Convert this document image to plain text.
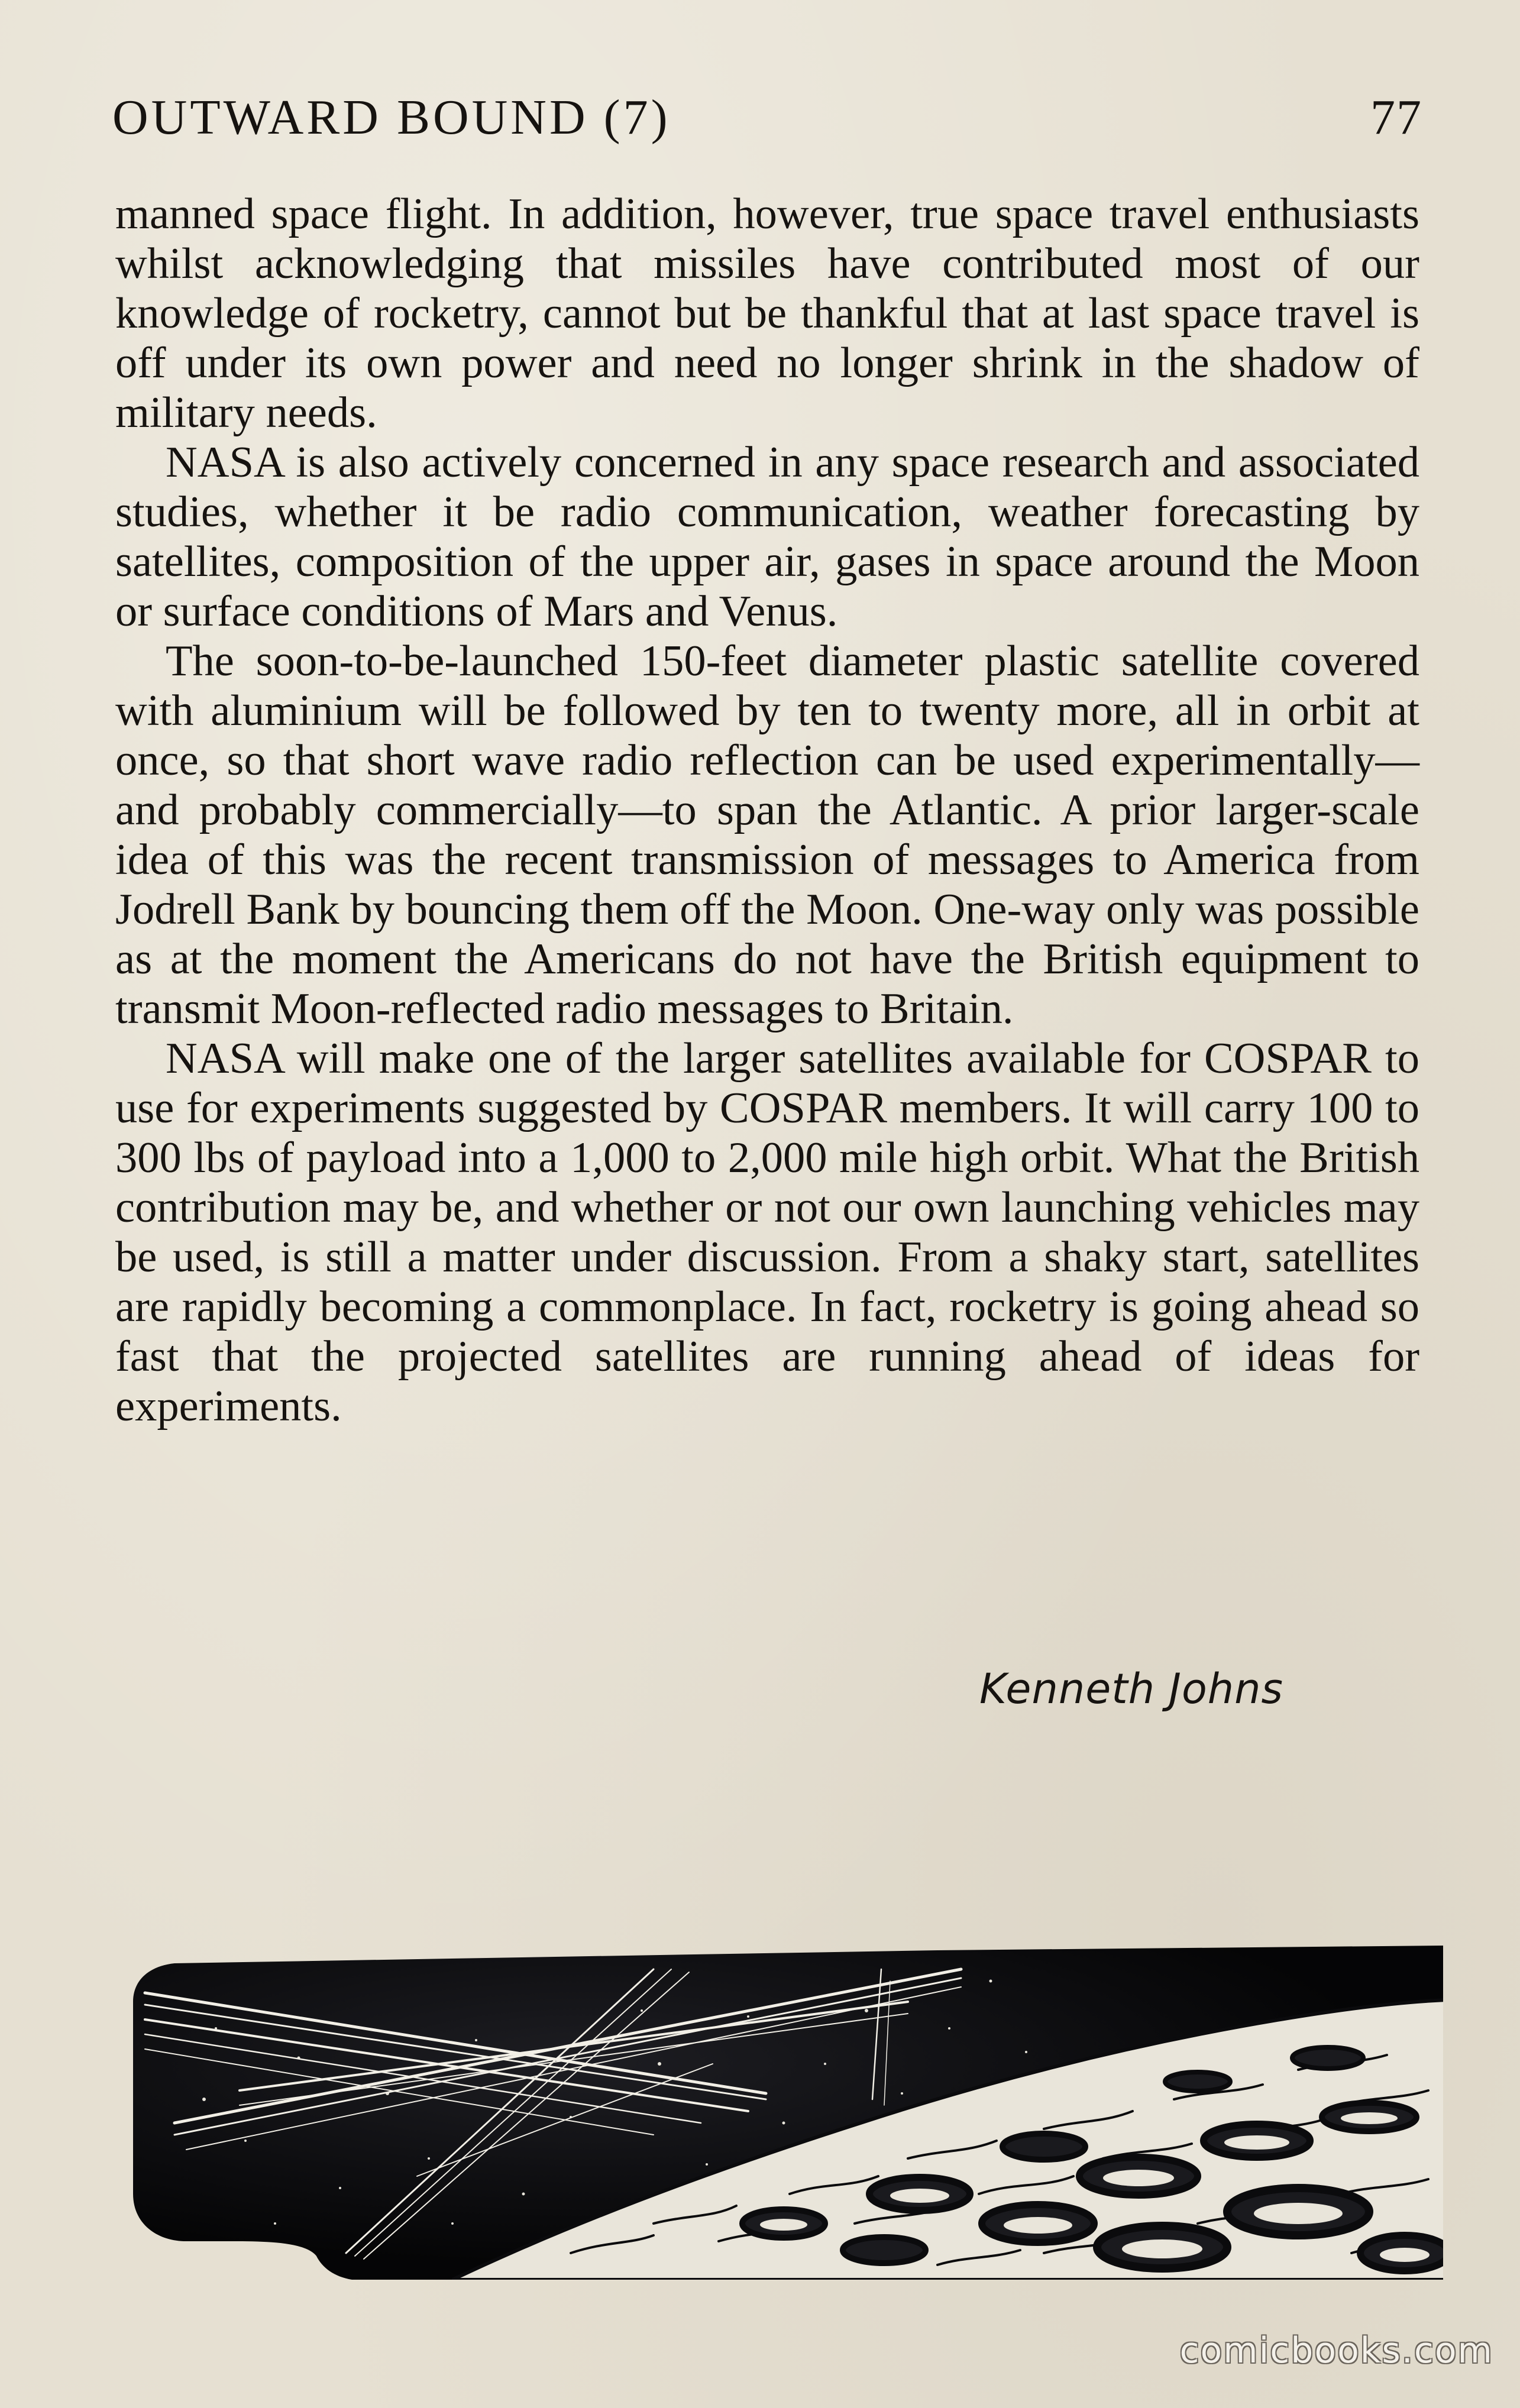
OUTWARD BOUND (7)	77

manned space flight. In addition, however, true space travel enthusiasts whilst acknowledging that missiles have contributed most of our knowledge of rocketry, cannot but be thankful that at last space travel is off under its own power and need no longer shrink in the shadow of military needs.

NASA is also actively concerned in any space research and associated studies, whether it be radio communication, weather forecasting by satellites, composition of the upper air, gases in space around the Moon or surface conditions of Mars and Venus.

The soon-to-be-launched 150-feet diameter plastic satellite covered with aluminium will be followed by ten to twenty more, all in orbit at once, so that short wave radio reflection can be used experimentally—and probably commercially—to span the Atlantic. A prior larger-scale idea of this was the recent transmission of messages to America from Jodrell Bank by bouncing them off the Moon. One-way only was possible as at the moment the Americans do not have the British equipment to transmit Moon-reflected radio messages to Britain.

NASA will make one of the larger satellites available for COSPAR to use for experiments suggested by COSPAR members. It will carry 100 to 300 lbs of payload into a 1,000 to 2,000 mile high orbit. What the British contribution may be, and whether or not our own launching vehicles may be used, is still a matter under discussion. From a shaky start, satellites are rapidly becoming a commonplace. In fact, rocketry is going ahead so fast that the projected satellites are running ahead of ideas for experiments.

Kenneth Johns
comicbooks.com
